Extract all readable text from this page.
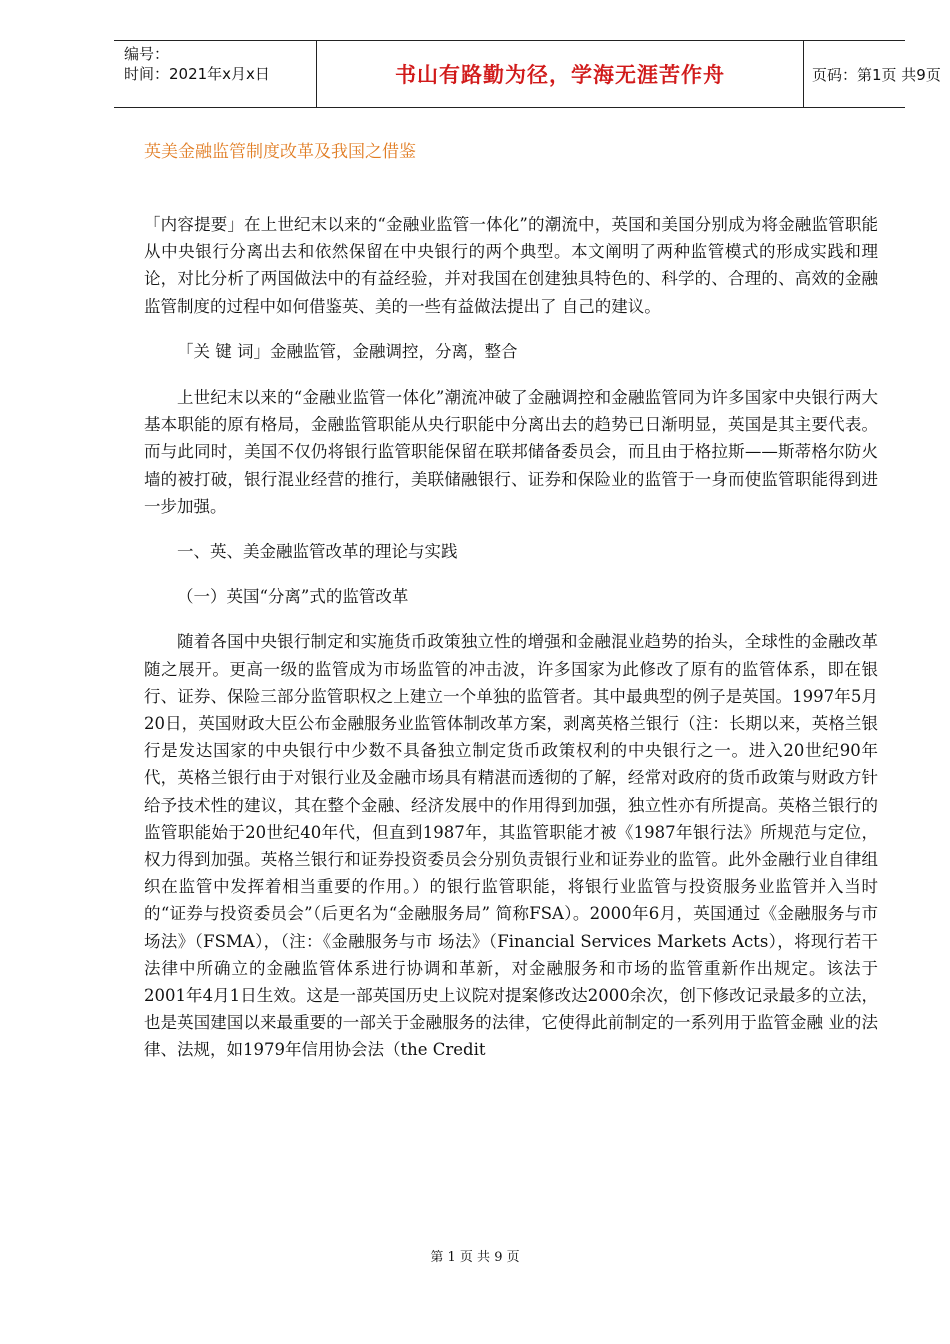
编号：
时间：2021年x月x日	书山有路勤为径，学海无涯苦作舟	页码：第1页 共9页
英美金融监管制度改革及我国之借鉴

「内容提要」在上世纪末以来的“金融业监管一体化”的潮流中，英国和美国分别成为将金融监管职能从中央银行分离出去和依然保留在中央银行的两个典型。本文阐明了两种监管模式的形成实践和理论，对比分析了两国做法中的有益经验，并对我国在创建独具特色的、科学的、合理的、高效的金融监管制度的过程中如何借鉴英、美的一些有益做法提出了 自己的建议。

「关 键 词」金融监管，金融调控，分离，整合

上世纪末以来的“金融业监管一体化”潮流冲破了金融调控和金融监管同为许多国家中央银行两大基本职能的原有格局，金融监管职能从央行职能中分离出去的趋势已日渐明显，英国是其主要代表。而与此同时，美国不仅仍将银行监管职能保留在联邦储备委员会，而且由于格拉斯——斯蒂格尔防火墙的被打破，银行混业经营的推行，美联储融银行、证券和保险业的监管于一身而使监管职能得到进一步加强。

一、英、美金融监管改革的理论与实践

（一）英国“分离”式的监管改革

随着各国中央银行制定和实施货币政策独立性的增强和金融混业趋势的抬头，全球性的金融改革随之展开。更高一级的监管成为市场监管的冲击波，许多国家为此修改了原有的监管体系，即在银行、证券、保险三部分监管职权之上建立一个单独的监管者。其中最典型的例子是英国。1997年5月20日，英国财政大臣公布金融服务业监管体制改革方案，剥离英格兰银行（注：长期以来，英格兰银行是发达国家的中央银行中少数不具备独立制定货币政策权利的中央银行之一。进入20世纪90年代，英格兰银行由于对银行业及金融市场具有精湛而透彻的了解，经常对政府的货币政策与财政方针给予技术性的建议，其在整个金融、经济发展中的作用得到加强，独立性亦有所提高。英格兰银行的监管职能始于20世纪40年代，但直到1987年，其监管职能才被《1987年银行法》所规范与定位，权力得到加强。英格兰银行和证券投资委员会分别负责银行业和证券业的监管。此外金融行业自律组织在监管中发挥着相当重要的作用。）的银行监管职能，将银行业监管与投资服务业监管并入当时的“证券与投资委员会”（后更名为“金融服务局” 简称FSA）。2000年6月，英国通过《金融服务与市场法》（FSMA），（注：《金融服务与市 场法》（Financial Services Markets Acts），将现行若干法律中所确立的金融监管体系进行协调和革新，对金融服务和市场的监管重新作出规定。该法于2001年4月1日生效。这是一部英国历史上议院对提案修改达2000余次，创下修改记录最多的立法，也是英国建国以来最重要的一部关于金融服务的法律，它使得此前制定的一系列用于监管金融 业的法律、法规，如1979年信用协会法（the Credit

第 1 页 共 9 页
